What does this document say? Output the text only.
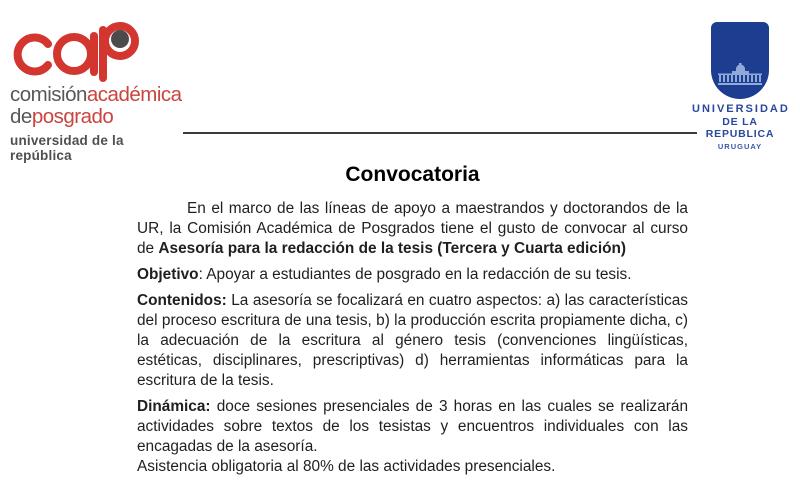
comisiónacadémica
deposgrado
universidad de la república
UNIVERSIDAD
DE LA REPUBLICA
URUGUAY
Convocatoria

En el marco de las líneas de apoyo a maestrandos y doctorandos de la UR, la Comisión Académica de Posgrados tiene el gusto de convocar al curso de Asesoría para la redacción de la tesis (Tercera y Cuarta edición)

Objetivo: Apoyar a estudiantes de posgrado en la redacción de su tesis.

Contenidos: La asesoría se focalizará en cuatro aspectos: a) las características del proceso escritura de una tesis, b) la producción escrita propiamente dicha, c) la adecuación de la escritura al género tesis (convenciones lingüísticas, estéticas, disciplinares, prescriptivas) d) herramientas informáticas para la escritura de la tesis.

Dinámica: doce sesiones presenciales de 3 horas en las cuales se realizarán actividades sobre textos de los tesistas y encuentros individuales con las encagadas de la asesoría.

Asistencia obligatoria al 80% de las actividades presenciales.
